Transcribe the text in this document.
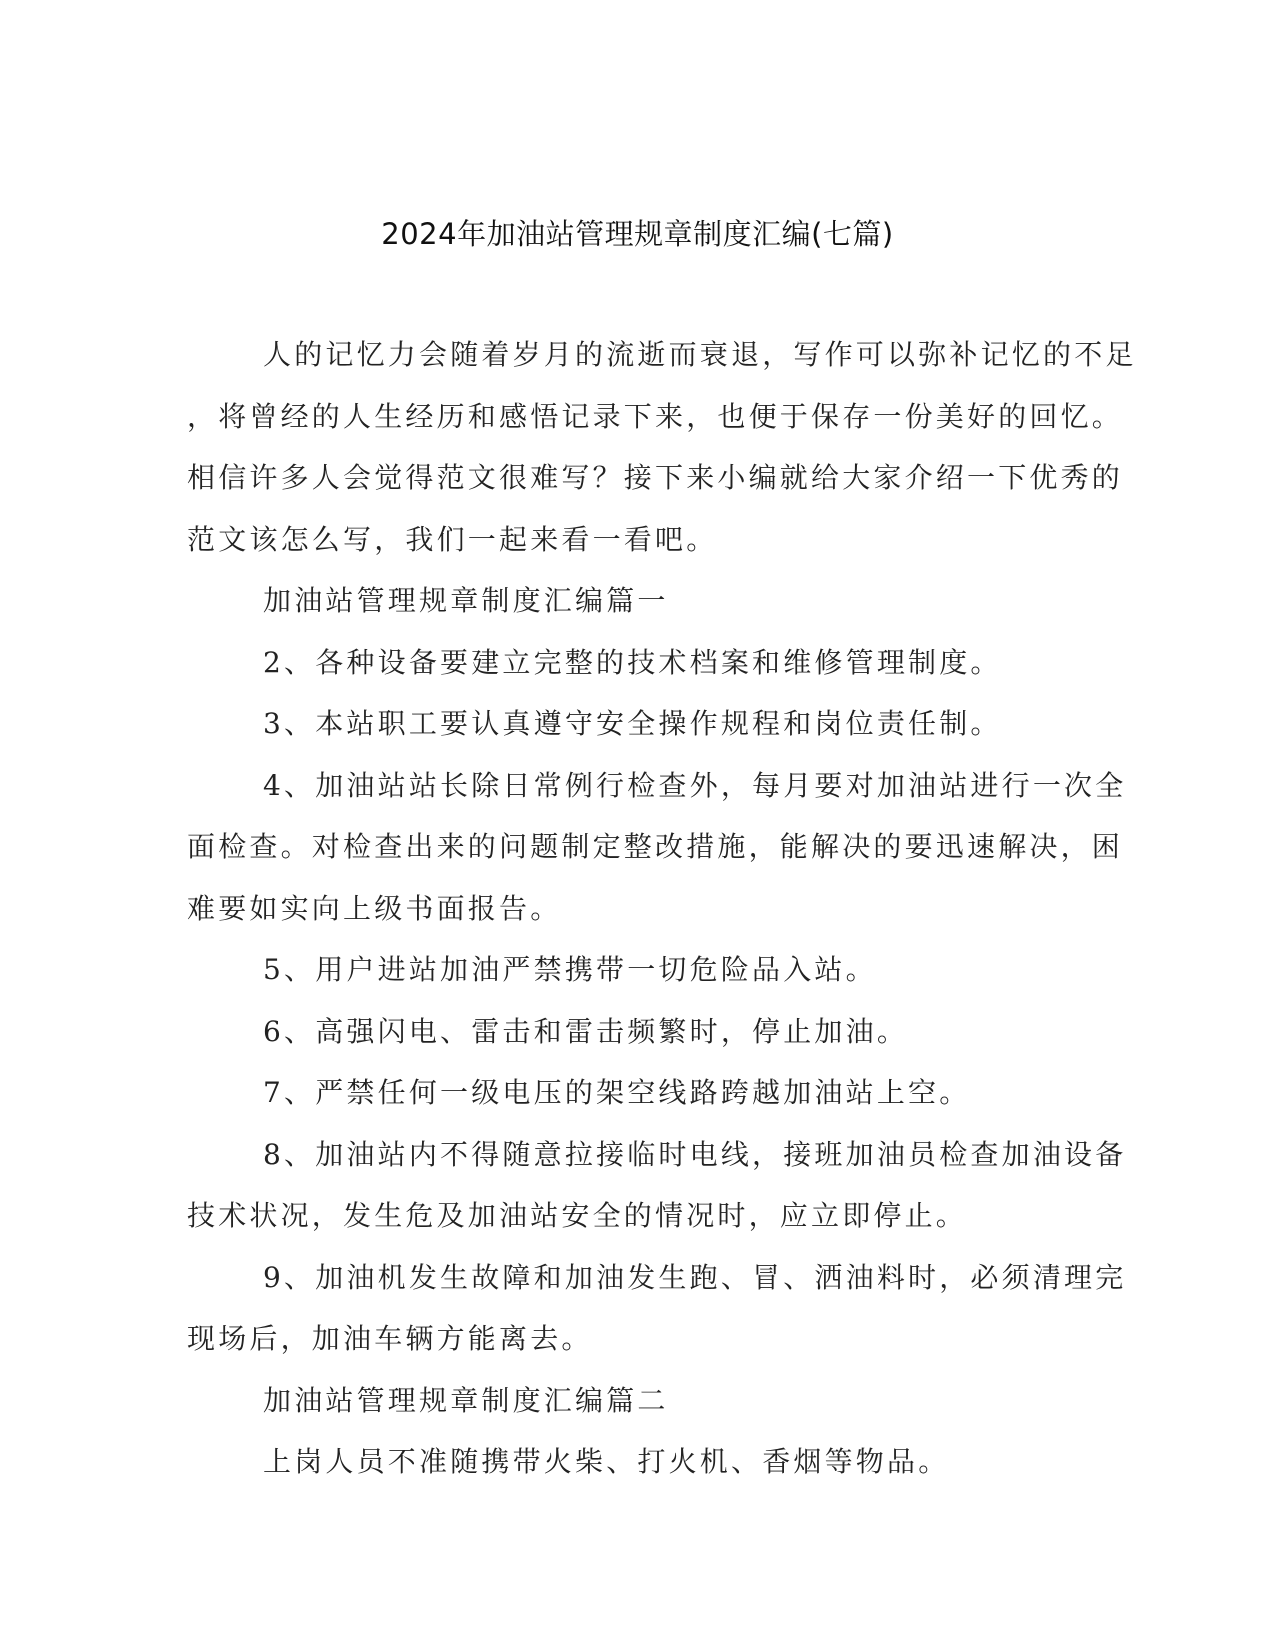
2024年加油站管理规章制度汇编(七篇)
人的记忆力会随着岁月的流逝而衰退，写作可以弥补记忆的不足
，将曾经的人生经历和感悟记录下来，也便于保存一份美好的回忆。
相信许多人会觉得范文很难写？接下来小编就给大家介绍一下优秀的
范文该怎么写，我们一起来看一看吧。
加油站管理规章制度汇编篇一
2、各种设备要建立完整的技术档案和维修管理制度。
3、本站职工要认真遵守安全操作规程和岗位责任制。
4、加油站站长除日常例行检查外，每月要对加油站进行一次全
面检查。对检查出来的问题制定整改措施，能解决的要迅速解决，困
难要如实向上级书面报告。
5、用户进站加油严禁携带一切危险品入站。
6、高强闪电、雷击和雷击频繁时，停止加油。
7、严禁任何一级电压的架空线路跨越加油站上空。
8、加油站内不得随意拉接临时电线，接班加油员检查加油设备
技术状况，发生危及加油站安全的情况时，应立即停止。
9、加油机发生故障和加油发生跑、冒、洒油料时，必须清理完
现场后，加油车辆方能离去。
加油站管理规章制度汇编篇二
上岗人员不准随携带火柴、打火机、香烟等物品。
